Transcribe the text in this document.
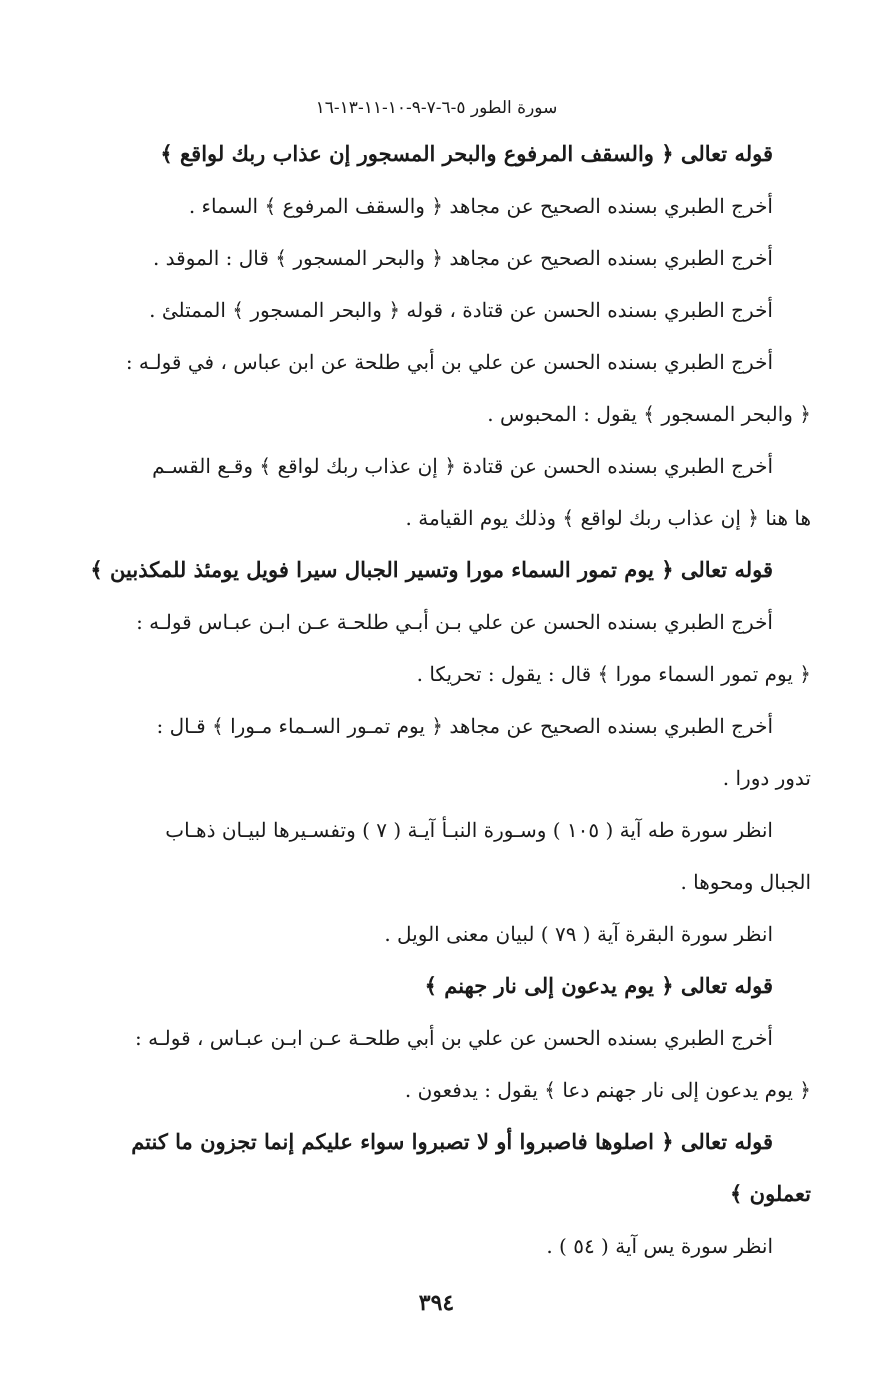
سورة الطور ٥-٦-٧-٩-١٠-١١-١٣-١٦
قوله تعالى ﴿ والسقف المرفوع والبحر المسجور إن عذاب ربك لواقع ﴾
أخرج الطبري بسنده الصحيح عن مجاهد ﴿ والسقف المرفوع ﴾ السماء .
أخرج الطبري بسنده الصحيح عن مجاهد ﴿ والبحر المسجور ﴾ قال : الموقد .
أخرج الطبري بسنده الحسن عن قتادة ، قوله ﴿ والبحر المسجور ﴾ الممتلئ .
أخرج الطبري بسنده الحسن عن علي بن أبي طلحة عن ابن عباس ، في قولـه :
﴿ والبحر المسجور ﴾ يقول : المحبوس .
أخرج الطبري بسنده الحسن عن قتادة ﴿ إن عذاب ربك لواقع ﴾ وقـع القسـم
ها هنا ﴿ إن عذاب ربك لواقع ﴾ وذلك يوم القيامة .
قوله تعالى ﴿ يوم تمور السماء مورا وتسير الجبال سيرا فويل يومئذ للمكذبين ﴾
أخرج الطبري بسنده الحسن عن علي بـن أبـي طلحـة عـن ابـن عبـاس قولـه :
﴿ يوم تمور السماء مورا ﴾ قال : يقول : تحريكا .
أخرج الطبري بسنده الصحيح عن مجاهد ﴿ يوم تمـور السـماء مـورا ﴾ قـال :
تدور دورا .
انظر سورة طه آية ( ١٠٥ ) وسـورة النبـأ آيـة ( ٧ ) وتفسـيرها لبيـان ذهـاب
الجبال ومحوها .
انظر سورة البقرة آية ( ٧٩ ) لبيان معنى الويل .
قوله تعالى ﴿ يوم يدعون إلى نار جهنم ﴾
أخرج الطبري بسنده الحسن عن علي بن أبي طلحـة عـن ابـن عبـاس ، قولـه :
﴿ يوم يدعون إلى نار جهنم دعا ﴾ يقول : يدفعون .
قوله تعالى ﴿ اصلوها فاصبروا أو لا تصبروا سواء عليكم إنما تجزون ما كنتم
تعملون ﴾
انظر سورة يس آية ( ٥٤ ) .
٣٩٤
